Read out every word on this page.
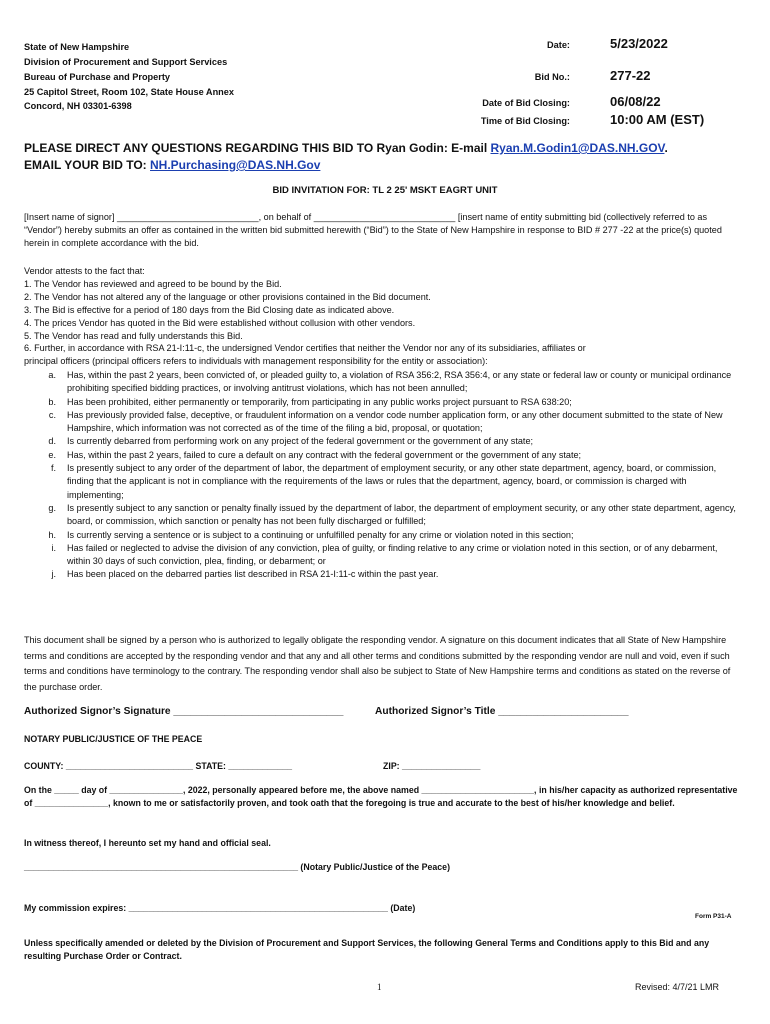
State of New Hampshire
Division of Procurement and Support Services
Bureau of Purchase and Property
25 Capitol Street, Room 102, State House Annex
Concord, NH 03301-6398
Date:	5/23/2022
Bid No.:	277-22
Date of Bid Closing:	06/08/22
Time of Bid Closing:	10:00 AM (EST)
PLEASE DIRECT ANY QUESTIONS REGARDING THIS BID TO Ryan Godin: E-mail Ryan.M.Godin1@DAS.NH.GOV.
EMAIL YOUR BID TO: NH.Purchasing@DAS.NH.Gov
BID INVITATION FOR: TL 2 25' MSKT EAGRT UNIT
[Insert name of signor] ____________________________, on behalf of ____________________________ [insert name of entity submitting bid (collectively referred to as “Vendor”) hereby submits an offer as contained in the written bid submitted herewith (“Bid”) to the State of New Hampshire in response to BID # 277 -22 at the price(s) quoted herein in complete accordance with the bid.
Vendor attests to the fact that:
1. The Vendor has reviewed and agreed to be bound by the Bid.
2. The Vendor has not altered any of the language or other provisions contained in the Bid document.
3. The Bid is effective for a period of 180 days from the Bid Closing date as indicated above.
4. The prices Vendor has quoted in the Bid were established without collusion with other vendors.
5. The Vendor has read and fully understands this Bid.
6. Further, in accordance with RSA 21-I:11-c, the undersigned Vendor certifies that neither the Vendor nor any of its subsidiaries, affiliates or
principal officers (principal officers refers to individuals with management responsibility for the entity or association):
a.	Has, within the past 2 years, been convicted of, or pleaded guilty to, a violation of RSA 356:2, RSA 356:4, or any state or federal law or county or municipal ordinance prohibiting specified bidding practices, or involving antitrust violations, which has not been annulled;
b.	Has been prohibited, either permanently or temporarily, from participating in any public works project pursuant to RSA 638:20;
c.	Has previously provided false, deceptive, or fraudulent information on a vendor code number application form, or any other document submitted to the state of New Hampshire, which information was not corrected as of the time of the filing a bid, proposal, or quotation;
d.	Is currently debarred from performing work on any project of the federal government or the government of any state;
e.	Has, within the past 2 years, failed to cure a default on any contract with the federal government or the government of any state;
f.	Is presently subject to any order of the department of labor, the department of employment security, or any other state department, agency, board, or commission, finding that the applicant is not in compliance with the requirements of the laws or rules that the department, agency, board, or commission is charged with implementing;
g.	Is presently subject to any sanction or penalty finally issued by the department of labor, the department of employment security, or any other state department, agency, board, or commission, which sanction or penalty has not been fully discharged or fulfilled;
h.	Is currently serving a sentence or is subject to a continuing or unfulfilled penalty for any crime or violation noted in this section;
i.	Has failed or neglected to advise the division of any conviction, plea of guilty, or finding relative to any crime or violation noted in this section, or of any debarment, within 30 days of such conviction, plea, finding, or debarment; or
j.	Has been placed on the debarred parties list described in RSA 21-I:11-c within the past year.
This document shall be signed by a person who is authorized to legally obligate the responding vendor. A signature on this document indicates that all State of New Hampshire terms and conditions are accepted by the responding vendor and that any and all other terms and conditions submitted by the responding vendor are null and void, even if such terms and conditions have terminology to the contrary. The responding vendor shall also be subject to State of New Hampshire terms and conditions as stated on the reverse of the purchase order.
Authorized Signor’s Signature ______________________________	Authorized Signor’s Title _______________________
NOTARY PUBLIC/JUSTICE OF THE PEACE
COUNTY: __________________________ STATE: _____________	ZIP: ________________
On the _____ day of _______________, 2022, personally appeared before me, the above named _______________________, in his/her capacity as authorized representative of _______________, known to me or satisfactorily proven, and took oath that the foregoing is true and accurate to the best of his/her knowledge and belief.
In witness thereof, I hereunto set my hand and official seal.
________________________________________________________ (Notary Public/Justice of the Peace)
My commission expires: _____________________________________________________ (Date)
Form P31-A
Unless specifically amended or deleted by the Division of Procurement and Support Services, the following General Terms and Conditions apply to this Bid and any resulting Purchase Order or Contract.
1	Revised: 4/7/21 LMR
